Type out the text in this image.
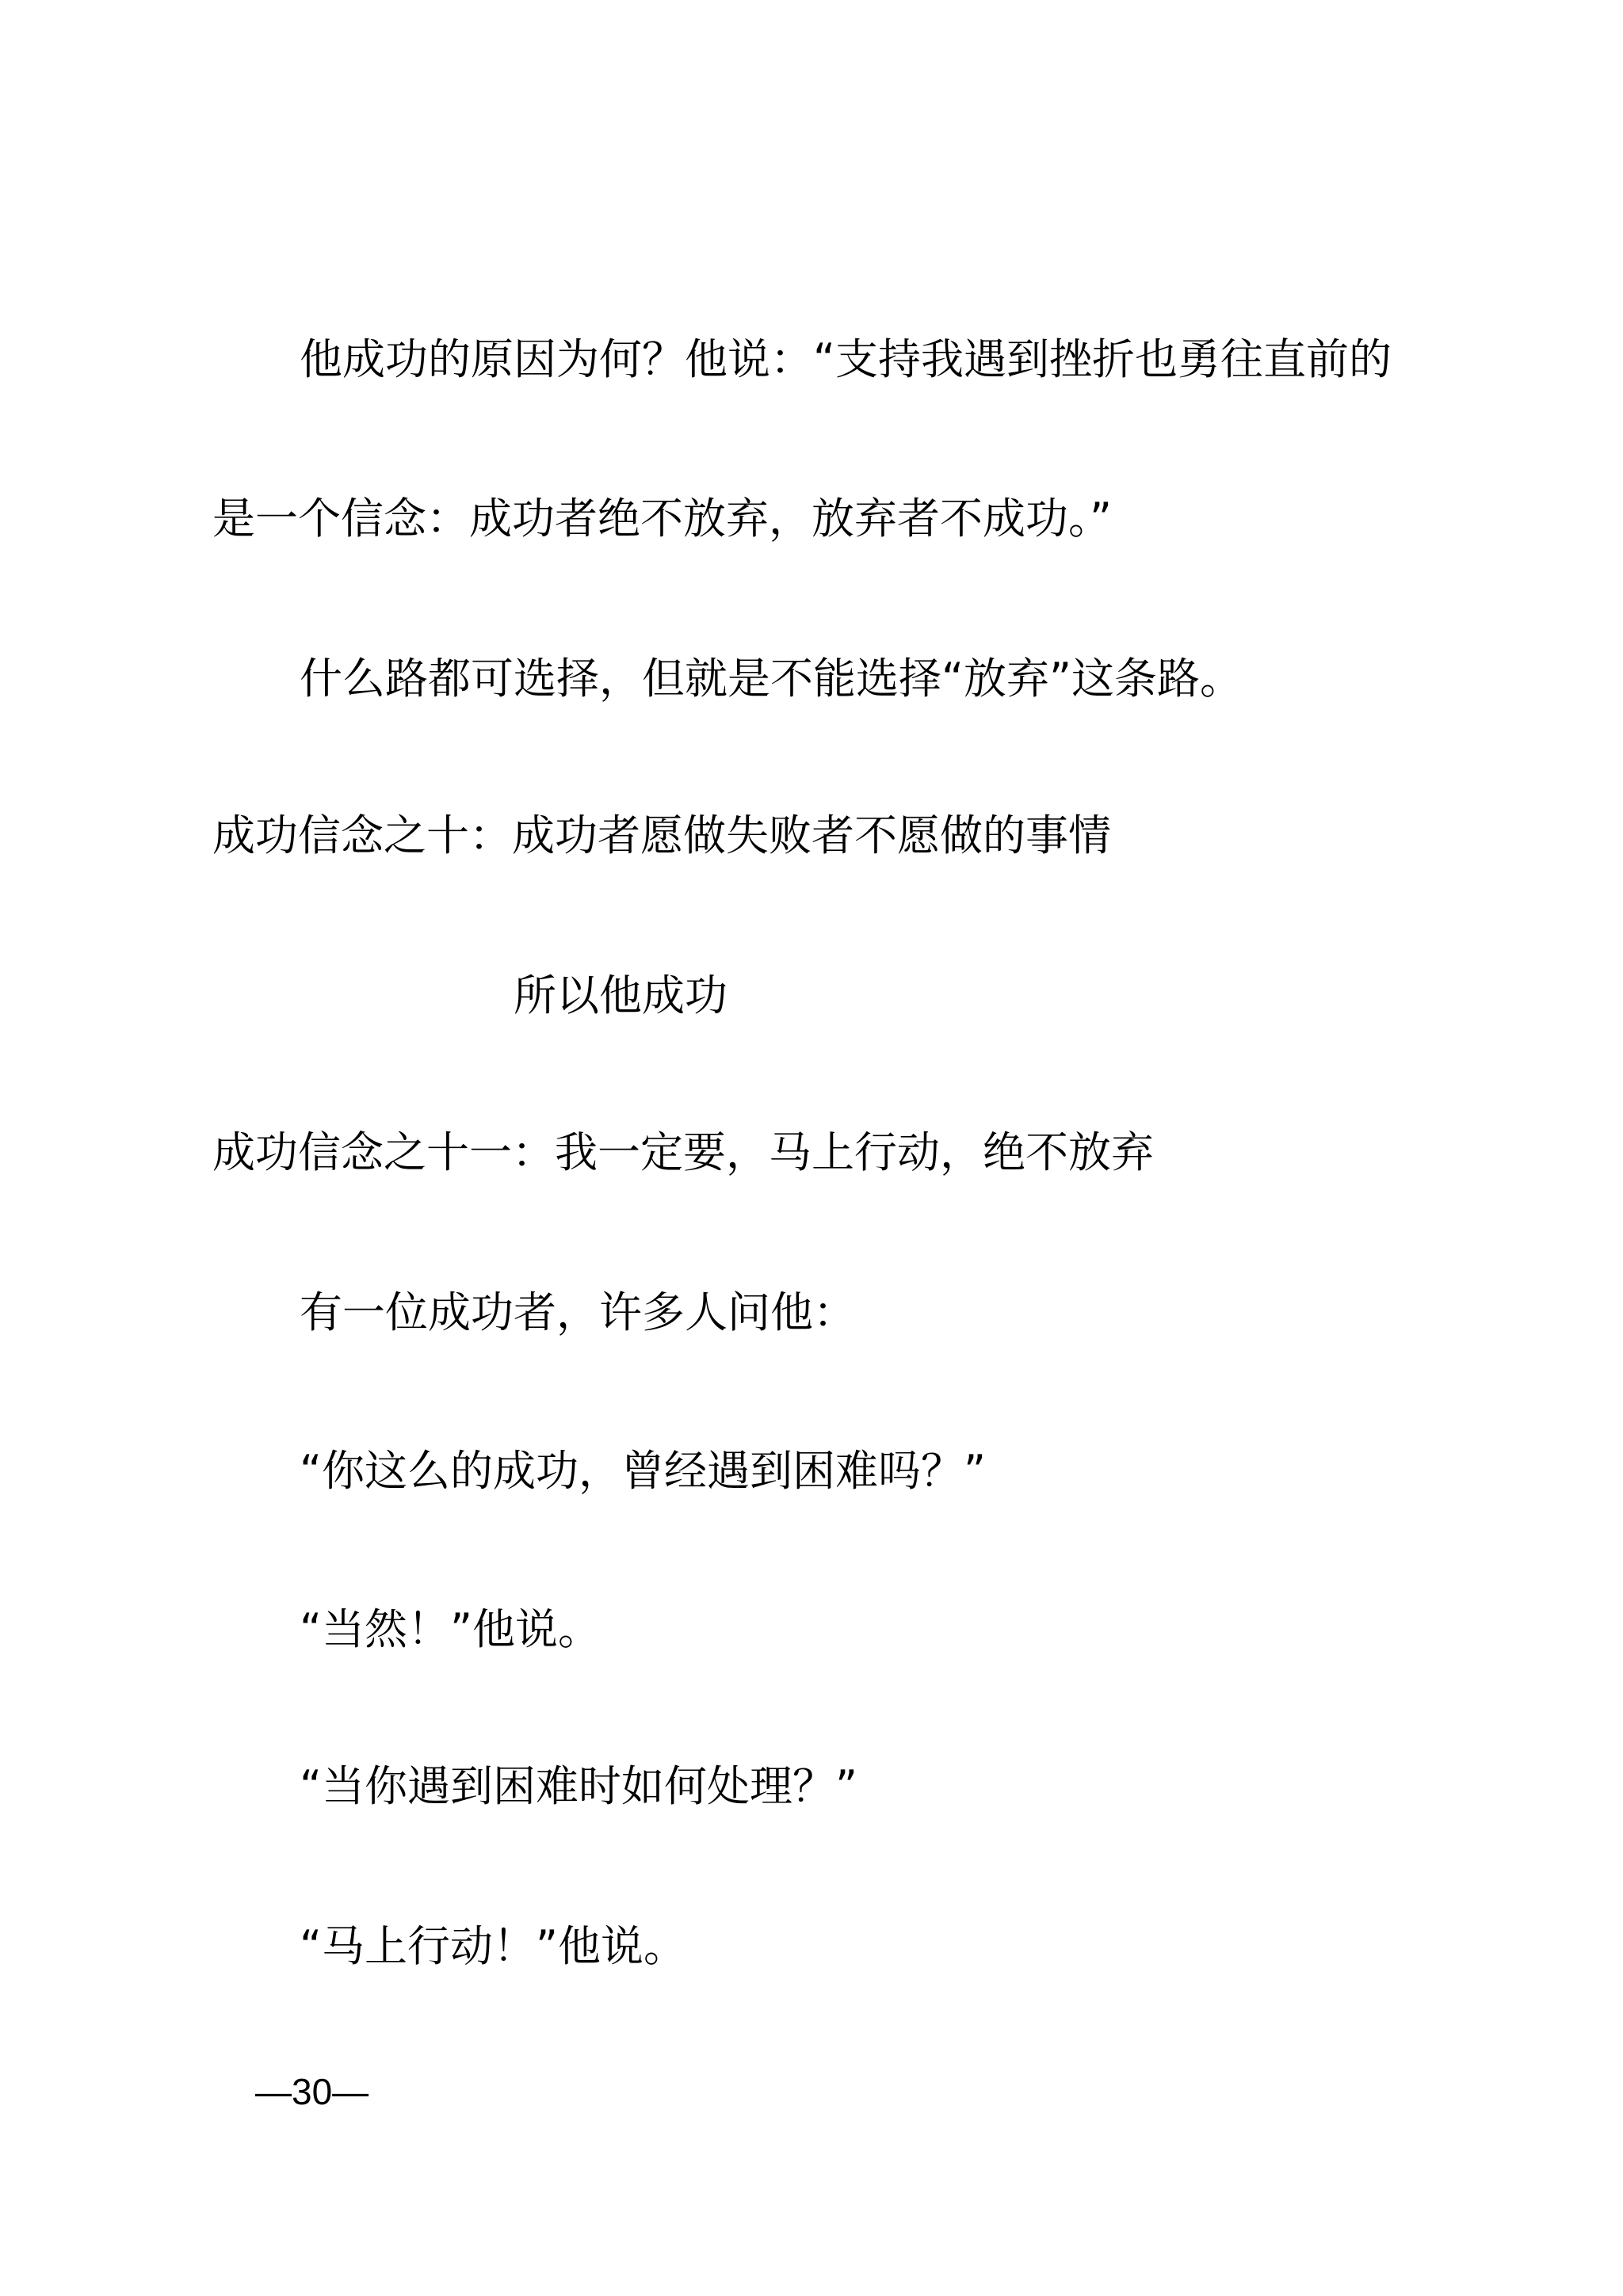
他成功的原因为何？他说：“支持我遇到挫折也勇往直前的

是一个信念：成功者绝不放弃，放弃者不成功。”

什么路都可选择，但就是不能选择“放弃”这条路。

成功信念之十：成功者愿做失败者不愿做的事情

所以他成功

成功信念之十一：我一定要，马上行动，绝不放弃

有一位成功者，许多人问他：

“你这么的成功，曾经遇到困难吗？”

“当然！”他说。

“当你遇到困难时如何处理？”

“马上行动！”他说。

—30—
